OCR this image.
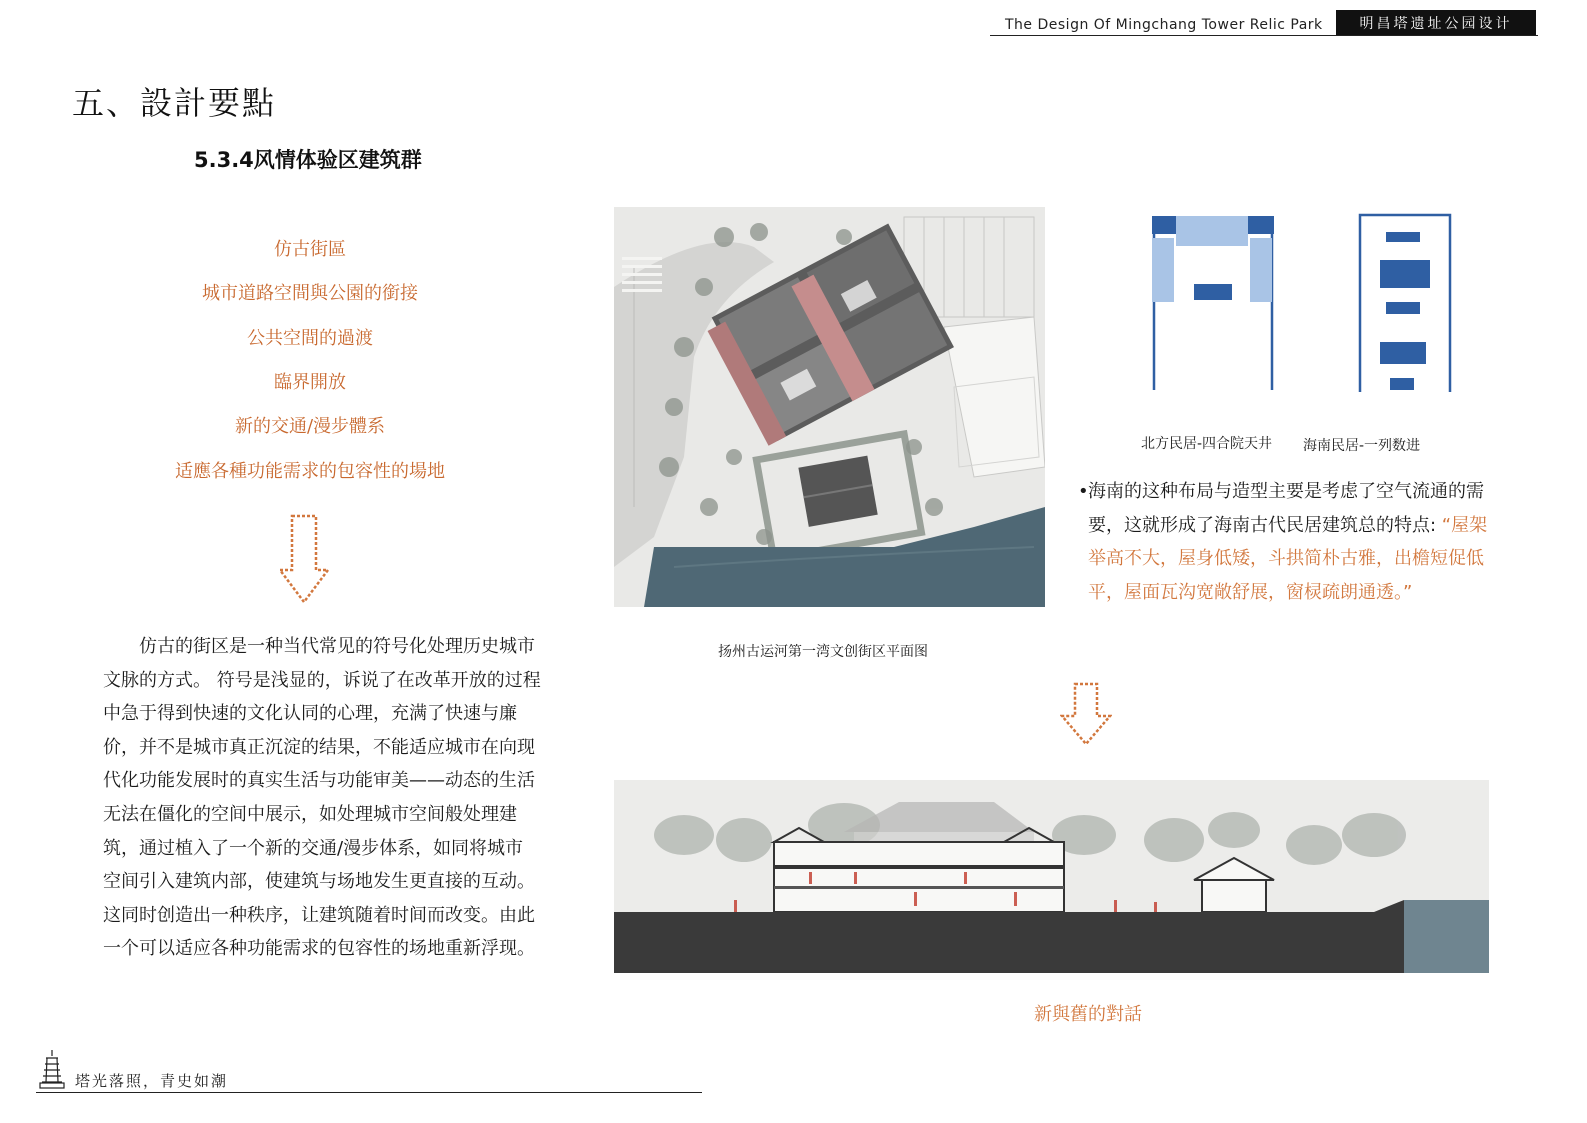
The Design Of Mingchang Tower Relic Park	明昌塔遗址公园设计
五、設計要點
5.3.4风情体验区建筑群
仿古街區
城市道路空間與公園的銜接
公共空間的過渡
臨界開放
新的交通/漫步體系
适應各種功能需求的包容性的場地
仿古的街区是一种当代常见的符号化处理历史城市文脉的方式。 符号是浅显的，诉说了在改革开放的过程中急于得到快速的文化认同的心理，充满了快速与廉价，并不是城市真正沉淀的结果，不能适应城市在向现代化功能发展时的真实生活与功能审美——动态的生活无法在僵化的空间中展示，如处理城市空间般处理建筑，通过植入了一个新的交通/漫步体系，如同将城市空间引入建筑内部，使建筑与场地发生更直接的互动。这同时创造出一种秩序，让建筑随着时间而改变。由此一个可以适应各种功能需求的包容性的场地重新浮现。
扬州古运河第一湾文创街区平面图
北方民居-四合院天井 海南民居-一列数进
• 海南的这种布局与造型主要是考虑了空气流通的需要，这就形成了海南古代民居建筑总的特点: “屋架举高不大，屋身低矮，斗拱简朴古雅，出檐短促低平，屋面瓦沟宽敞舒展，窗棂疏朗通透。”
新與舊的對話
塔光落照，青史如潮
